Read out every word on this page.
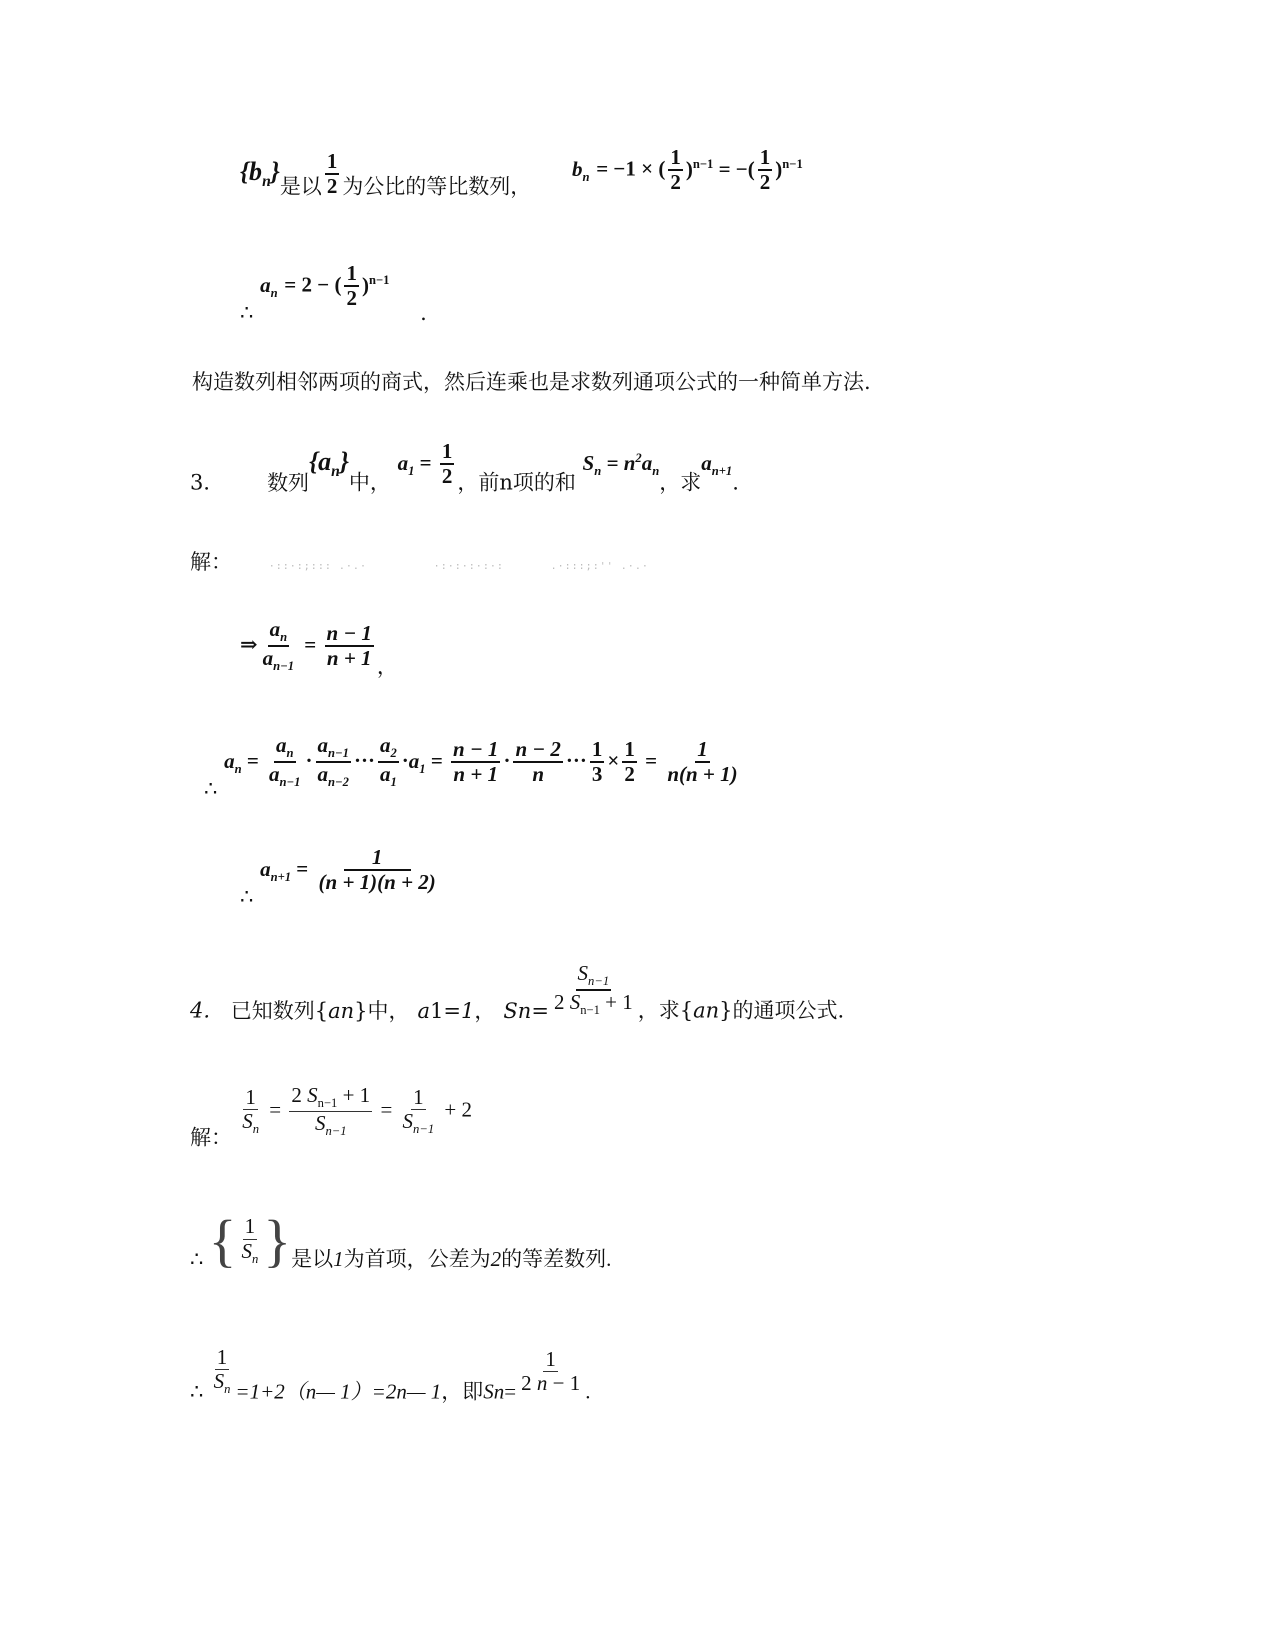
$\{b_n\}$是以 $\frac{1}{2}$ 为公比的等比数列，
$b_n = -1$ × ( $\frac{1}{2} )^{n-1}$ = −( $\frac{1}{2} )^{n-1}$
∴ $a_n = 2$ − ( $\frac{1}{2} )^{n-1}$ .
构造数列相邻两项的商式，然后连乘也是求数列通项公式的一种简单方法.
3． 数列$\{a_n\}$中， $a_1 = \frac{1}{2}$ ，前n项的和 $S_n = n^2a_n$，求$a_{n+1}$.
解：	·::·:;::: .·.·	·:·:·:·:·:	.·:::;:'' .·.·
⇒ $\frac{a_n}{a_{n-1}} = \frac{n - 1}{n + 1}$ ，
∴ $a_n = \frac{a_n}{a_{n-1}} \cdot \frac{a_{n-1}}{a_{n-2}}$ ··· $\frac{a_2}{a_1} \cdot a_1 = \frac{n - 1}{n + 1} \cdot \frac{n - 2}{n}$ ··· $\frac{1}{3} \times \frac{1}{2} = \frac{1}{n(n + 1)}$
∴ $a_{n+1} = \frac{1}{(n + 1)(n + 2)}$
4. 已知数列{an}中， a1=1， $Sn= \frac{S_{n-1}}{2 S_{n-1} + 1}$ ，求{an}的通项公式.
解：
$\frac{1}{S_n} = \frac{2 S_{n-1} + 1}{S_{n-1}} = \frac{1}{S_{n-1}} + 2$
∴ { $\frac{1}{S_n}$ }是以1为首项，公差为2的等差数列.
∴ $\frac{1}{S_n}$ =1+2（n— 1）=2n— 1，即$Sn= \frac{1}{2 n - 1}$ .
